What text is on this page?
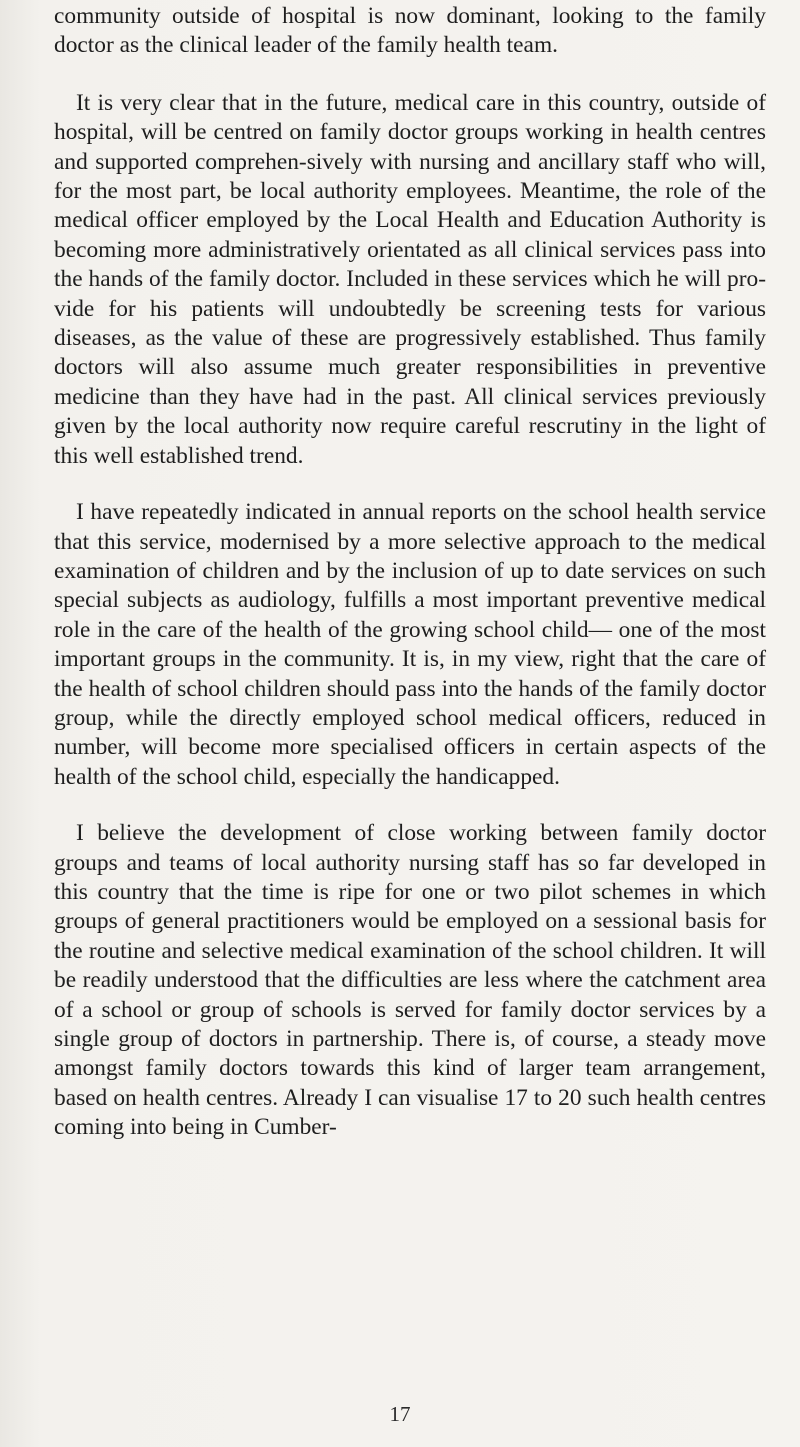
community outside of hospital is now dominant, looking to the family doctor as the clinical leader of the family health team.

It is very clear that in the future, medical care in this country, outside of hospital, will be centred on family doctor groups working in health centres and supported comprehen-sively with nursing and ancillary staff who will, for the most part, be local authority employees. Meantime, the role of the medical officer employed by the Local Health and Education Authority is becoming more administratively orientated as all clinical services pass into the hands of the family doctor. Included in these services which he will pro-vide for his patients will undoubtedly be screening tests for various diseases, as the value of these are progressively established. Thus family doctors will also assume much greater responsibilities in preventive medicine than they have had in the past. All clinical services previously given by the local authority now require careful rescrutiny in the light of this well established trend.

I have repeatedly indicated in annual reports on the school health service that this service, modernised by a more selective approach to the medical examination of children and by the inclusion of up to date services on such special subjects as audiology, fulfills a most important preventive medical role in the care of the health of the growing school child— one of the most important groups in the community. It is, in my view, right that the care of the health of school children should pass into the hands of the family doctor group, while the directly employed school medical officers, reduced in number, will become more specialised officers in certain aspects of the health of the school child, especially the handicapped.

I believe the development of close working between family doctor groups and teams of local authority nursing staff has so far developed in this country that the time is ripe for one or two pilot schemes in which groups of general practitioners would be employed on a sessional basis for the routine and selective medical examination of the school children. It will be readily understood that the difficulties are less where the catchment area of a school or group of schools is served for family doctor services by a single group of doctors in partnership. There is, of course, a steady move amongst family doctors towards this kind of larger team arrangement, based on health centres. Already I can visualise 17 to 20 such health centres coming into being in Cumber-

17
